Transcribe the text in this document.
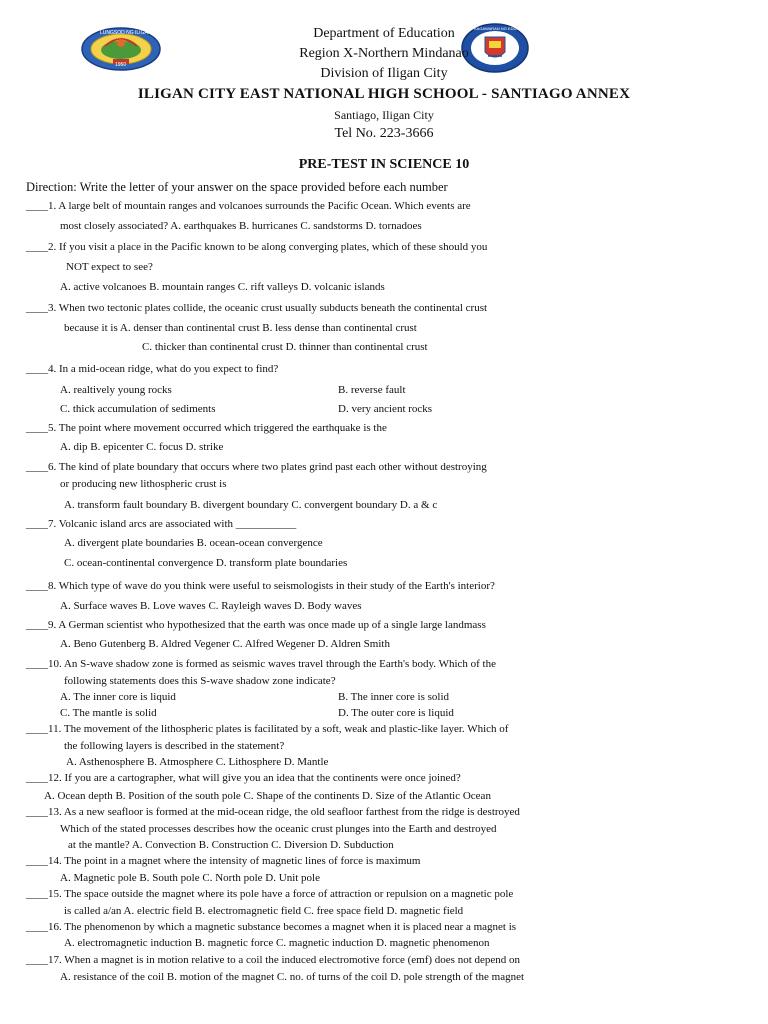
LUNGSOD NG ILIGAN
1950
KAGAWARAN NG EDUKASYON
Department of Education
Region X-Northern Mindanao
Division of Iligan City
ILIGAN CITY EAST NATIONAL HIGH SCHOOL - SANTIAGO ANNEX
Santiago, Iligan City
Tel No. 223-3666
PRE-TEST IN SCIENCE 10
Direction: Write the letter of your answer on the space provided before each number
____1. A large belt of mountain ranges and volcanoes surrounds the Pacific Ocean. Which events are
most closely associated? A. earthquakes B. hurricanes C. sandstorms D. tornadoes
____2. If you visit a place in the Pacific known to be along converging plates, which of these should you
NOT expect to see?
A. active volcanoes B. mountain ranges C. rift valleys D. volcanic islands
____3. When two tectonic plates collide, the oceanic crust usually subducts beneath the continental crust
because it is A. denser than continental crust B. less dense than continental crust
C. thicker than continental crust D. thinner than continental crust
____4. In a mid-ocean ridge, what do you expect to find?
A. realtively young rocks	B. reverse fault
C. thick accumulation of sediments	D. very ancient rocks
____5. The point where movement occurred which triggered the earthquake is the
A. dip B. epicenter C. focus D. strike
____6. The kind of plate boundary that occurs where two plates grind past each other without destroying
or producing new lithospheric crust is
A. transform fault boundary B. divergent boundary C. convergent boundary D. a & c
____7. Volcanic island arcs are associated with ___________
A. divergent plate boundaries B. ocean-ocean convergence
C. ocean-continental convergence D. transform plate boundaries
____8. Which type of wave do you think were useful to seismologists in their study of the Earth's interior?
A. Surface waves B. Love waves C. Rayleigh waves D. Body waves
____9. A German scientist who hypothesized that the earth was once made up of a single large landmass
A. Beno Gutenberg B. Aldred Vegener C. Alfred Wegener D. Aldren Smith
____10. An S-wave shadow zone is formed as seismic waves travel through the Earth's body. Which of the
following statements does this S-wave shadow zone indicate?
A. The inner core is liquid	B. The inner core is solid
C. The mantle is solid	D. The outer core is liquid
____11. The movement of the lithospheric plates is facilitated by a soft, weak and plastic-like layer. Which of
the following layers is described in the statement?
A. Asthenosphere B. Atmosphere C. Lithosphere D. Mantle
____12. If you are a cartographer, what will give you an idea that the continents were once joined?
A. Ocean depth B. Position of the south pole C. Shape of the continents D. Size of the Atlantic Ocean
____13. As a new seafloor is formed at the mid-ocean ridge, the old seafloor farthest from the ridge is destroyed
Which of the stated processes describes how the oceanic crust plunges into the Earth and destroyed
at the mantle? A. Convection B. Construction C. Diversion D. Subduction
____14. The point in a magnet where the intensity of magnetic lines of force is maximum
A. Magnetic pole B. South pole C. North pole D. Unit pole
____15. The space outside the magnet where its pole have a force of attraction or repulsion on a magnetic pole
is called a/an A. electric field B. electromagnetic field C. free space field D. magnetic field
____16. The phenomenon by which a magnetic substance becomes a magnet when it is placed near a magnet is
A. electromagnetic induction B. magnetic force C. magnetic induction D. magnetic phenomenon
____17. When a magnet is in motion relative to a coil the induced electromotive force (emf) does not depend on
A. resistance of the coil B. motion of the magnet C. no. of turns of the coil D. pole strength of the magnet
